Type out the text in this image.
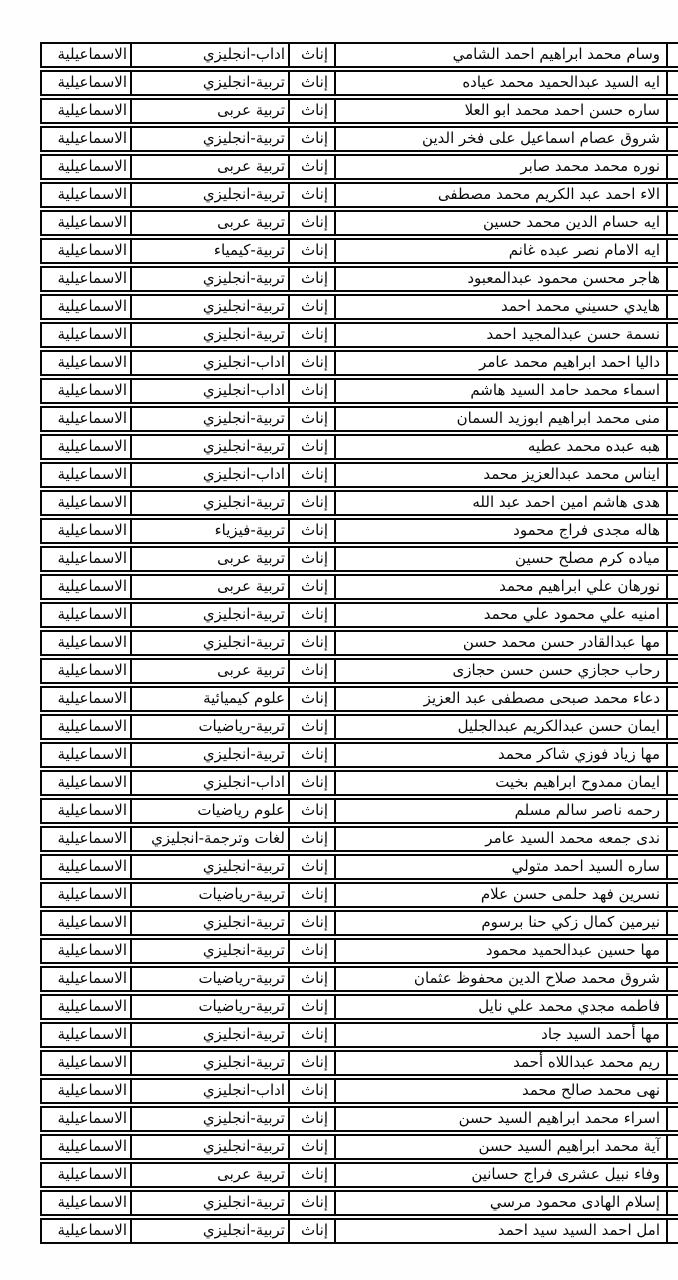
الاسماعيلية	اداب-انجليزي	إناث	وسام محمد ابراهيم احمد الشامي
الاسماعيلية	تربية-انجليزي	إناث	ايه السيد عبدالحميد محمد عياده
الاسماعيلية	تربية عربى	إناث	ساره حسن احمد محمد ابو العلا
الاسماعيلية	تربية-انجليزي	إناث	شروق عصام اسماعيل على فخر الدين
الاسماعيلية	تربية عربى	إناث	نوره محمد محمد صابر
الاسماعيلية	تربية-انجليزي	إناث	الاء احمد عبد الكريم محمد مصطفى
الاسماعيلية	تربية عربى	إناث	ايه حسام الدين محمد حسين
الاسماعيلية	تربية-كيمياء	إناث	ايه الامام نصر عبده غانم
الاسماعيلية	تربية-انجليزي	إناث	هاجر محسن محمود عبدالمعبود
الاسماعيلية	تربية-انجليزي	إناث	هايدي حسيني محمد احمد
الاسماعيلية	تربية-انجليزي	إناث	نسمة حسن عبدالمجيد احمد
الاسماعيلية	اداب-انجليزي	إناث	داليا احمد ابراهيم محمد عامر
الاسماعيلية	اداب-انجليزي	إناث	اسماء محمد حامد السيد هاشم
الاسماعيلية	تربية-انجليزي	إناث	منى محمد ابراهيم ابوزيد السمان
الاسماعيلية	تربية-انجليزي	إناث	هبه عبده محمد عطيه
الاسماعيلية	اداب-انجليزي	إناث	ايناس محمد عبدالعزيز محمد
الاسماعيلية	تربية-انجليزي	إناث	هدى هاشم امين احمد عبد الله
الاسماعيلية	تربية-فيزياء	إناث	هاله مجدى فراج محمود
الاسماعيلية	تربية عربى	إناث	مياده كرم مصلح حسين
الاسماعيلية	تربية عربى	إناث	نورهان علي ابراهيم محمد
الاسماعيلية	تربية-انجليزي	إناث	امنيه علي محمود علي محمد
الاسماعيلية	تربية-انجليزي	إناث	مها عبدالقادر حسن محمد حسن
الاسماعيلية	تربية عربى	إناث	رحاب حجازي حسن حسن حجازى
الاسماعيلية	علوم كيميائية	إناث	دعاء محمد صبحى مصطفى عبد العزيز
الاسماعيلية	تربية-رياضيات	إناث	ايمان حسن عبدالكريم عبدالجليل
الاسماعيلية	تربية-انجليزي	إناث	مها زياد فوزي شاكر محمد
الاسماعيلية	اداب-انجليزي	إناث	ايمان ممدوح ابراهيم بخيت
الاسماعيلية	علوم رياضيات	إناث	رحمه ناصر سالم مسلم
الاسماعيلية	لغات وترجمة-انجليزي	إناث	ندى جمعه محمد السيد عامر
الاسماعيلية	تربية-انجليزي	إناث	ساره السيد احمد متولي
الاسماعيلية	تربية-رياضيات	إناث	نسرين فهد حلمى حسن علام
الاسماعيلية	تربية-انجليزي	إناث	نيرمين كمال زكي حنا برسوم
الاسماعيلية	تربية-انجليزي	إناث	مها حسين عبدالحميد محمود
الاسماعيلية	تربية-رياضيات	إناث	شروق محمد صلاح الدين محفوظ عثمان
الاسماعيلية	تربية-رياضيات	إناث	فاطمه مجدي محمد علي نايل
الاسماعيلية	تربية-انجليزي	إناث	مها أحمد السيد جاد
الاسماعيلية	تربية-انجليزي	إناث	ريم محمد عبداللاه أحمد
الاسماعيلية	اداب-انجليزي	إناث	نهى محمد صالح محمد
الاسماعيلية	تربية-انجليزي	إناث	اسراء محمد ابراهيم السيد حسن
الاسماعيلية	تربية-انجليزي	إناث	آية محمد ابراهيم السيد حسن
الاسماعيلية	تربية عربى	إناث	وفاء نبيل عشرى فراج حسانين
الاسماعيلية	تربية-انجليزي	إناث	إسلام الهادى محمود مرسي
الاسماعيلية	تربية-انجليزي	إناث	امل احمد السيد سيد احمد
